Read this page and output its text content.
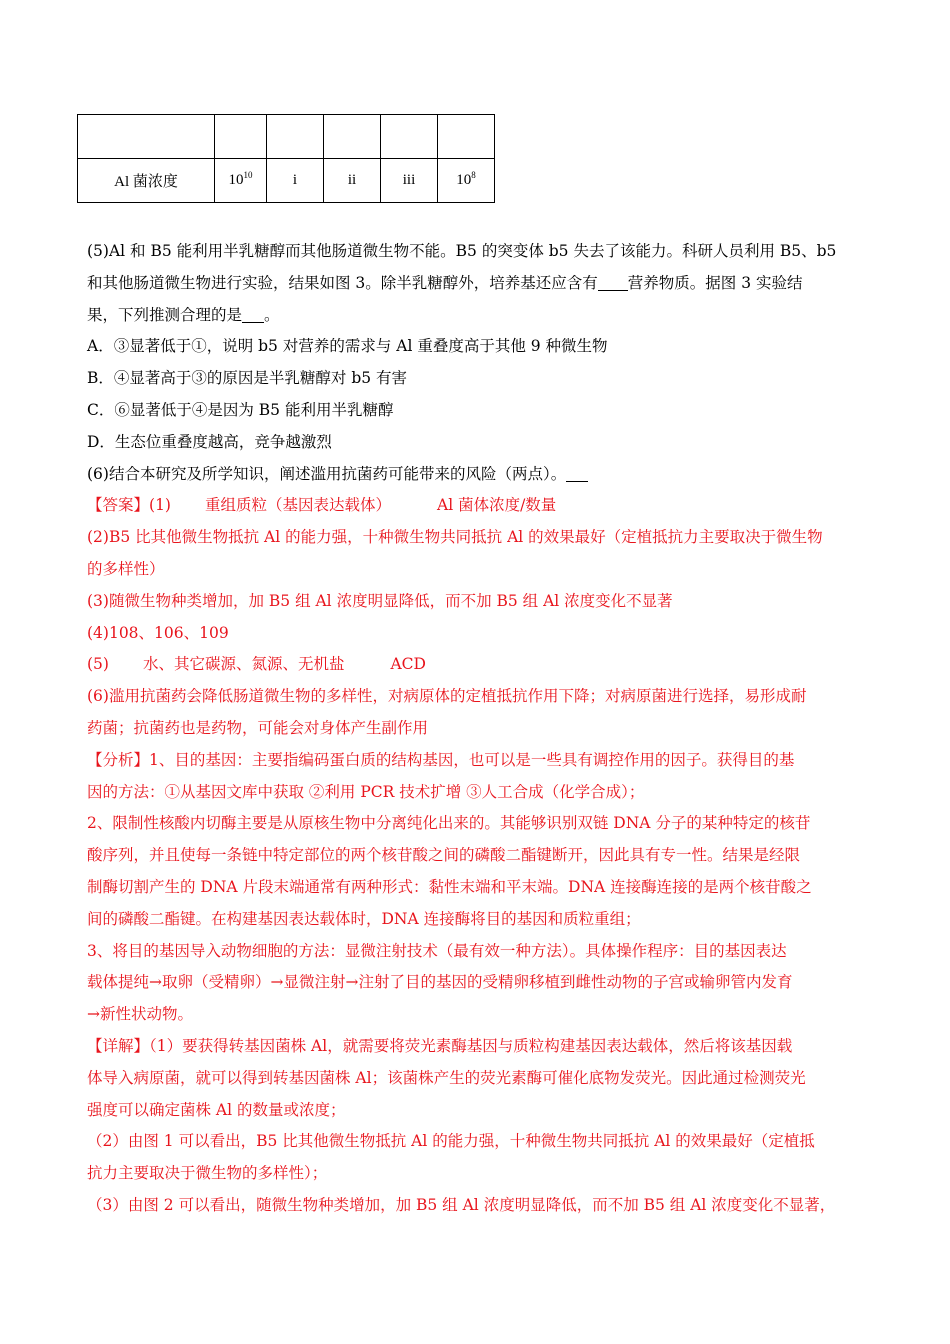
Al 菌浓度	$10^{10}$	i	ii	iii	$10^8$
(5)Al 和 B5 能利用半乳糖醇而其他肠道微生物不能。B5 的突变体 b5 失去了该能力。科研人员利用 B5、b5
和其他肠道微生物进行实验，结果如图 3。除半乳糖醇外，培养基还应含有 营养物质。据图 3 实验结
果，下列推测合理的是 。
A．③显著低于①，说明 b5 对营养的需求与 Al 重叠度高于其他 9 种微生物
B．④显著高于③的原因是半乳糖醇对 b5 有害
C．⑥显著低于④是因为 B5 能利用半乳糖醇
D．生态位重叠度越高，竞争越激烈
(6)结合本研究及所学知识，阐述滥用抗菌药可能带来的风险（两点）。
【答案】(1) 重组质粒（基因表达载体）	Al 菌体浓度/数量
(2)B5 比其他微生物抵抗 Al 的能力强，十种微生物共同抵抗 Al 的效果最好（定植抵抗力主要取决于微生物
的多样性）
(3)随微生物种类增加，加 B5 组 Al 浓度明显降低，而不加 B5 组 Al 浓度变化不显著
(4)108、106、109
(5) 水、其它碳源、氮源、无机盐	ACD
(6)滥用抗菌药会降低肠道微生物的多样性，对病原体的定植抵抗作用下降；对病原菌进行选择，易形成耐
药菌；抗菌药也是药物，可能会对身体产生副作用
【分析】1、目的基因：主要指编码蛋白质的结构基因，也可以是一些具有调控作用的因子。获得目的基
因的方法：①从基因文库中获取 ②利用 PCR 技术扩增 ③人工合成（化学合成）；
2、限制性核酸内切酶主要是从原核生物中分离纯化出来的。其能够识别双链 DNA 分子的某种特定的核苷
酸序列，并且使每一条链中特定部位的两个核苷酸之间的磷酸二酯键断开，因此具有专一性。结果是经限
制酶切割产生的 DNA 片段末端通常有两种形式：黏性末端和平末端。DNA 连接酶连接的是两个核苷酸之
间的磷酸二酯键。在构建基因表达载体时，DNA 连接酶将目的基因和质粒重组；
3、将目的基因导入动物细胞的方法：显微注射技术（最有效一种方法）。具体操作程序：目的基因表达
载体提纯→取卵（受精卵）→显微注射→注射了目的基因的受精卵移植到雌性动物的子宫或输卵管内发育
→新性状动物。
【详解】（1）要获得转基因菌株 Al，就需要将荧光素酶基因与质粒构建基因表达载体，然后将该基因载
体导入病原菌，就可以得到转基因菌株 Al；该菌株产生的荧光素酶可催化底物发荧光。因此通过检测荧光
强度可以确定菌株 Al 的数量或浓度；
（2）由图 1 可以看出，B5 比其他微生物抵抗 Al 的能力强，十种微生物共同抵抗 Al 的效果最好（定植抵
抗力主要取决于微生物的多样性）；
（3）由图 2 可以看出，随微生物种类增加，加 B5 组 Al 浓度明显降低，而不加 B5 组 Al 浓度变化不显著，
